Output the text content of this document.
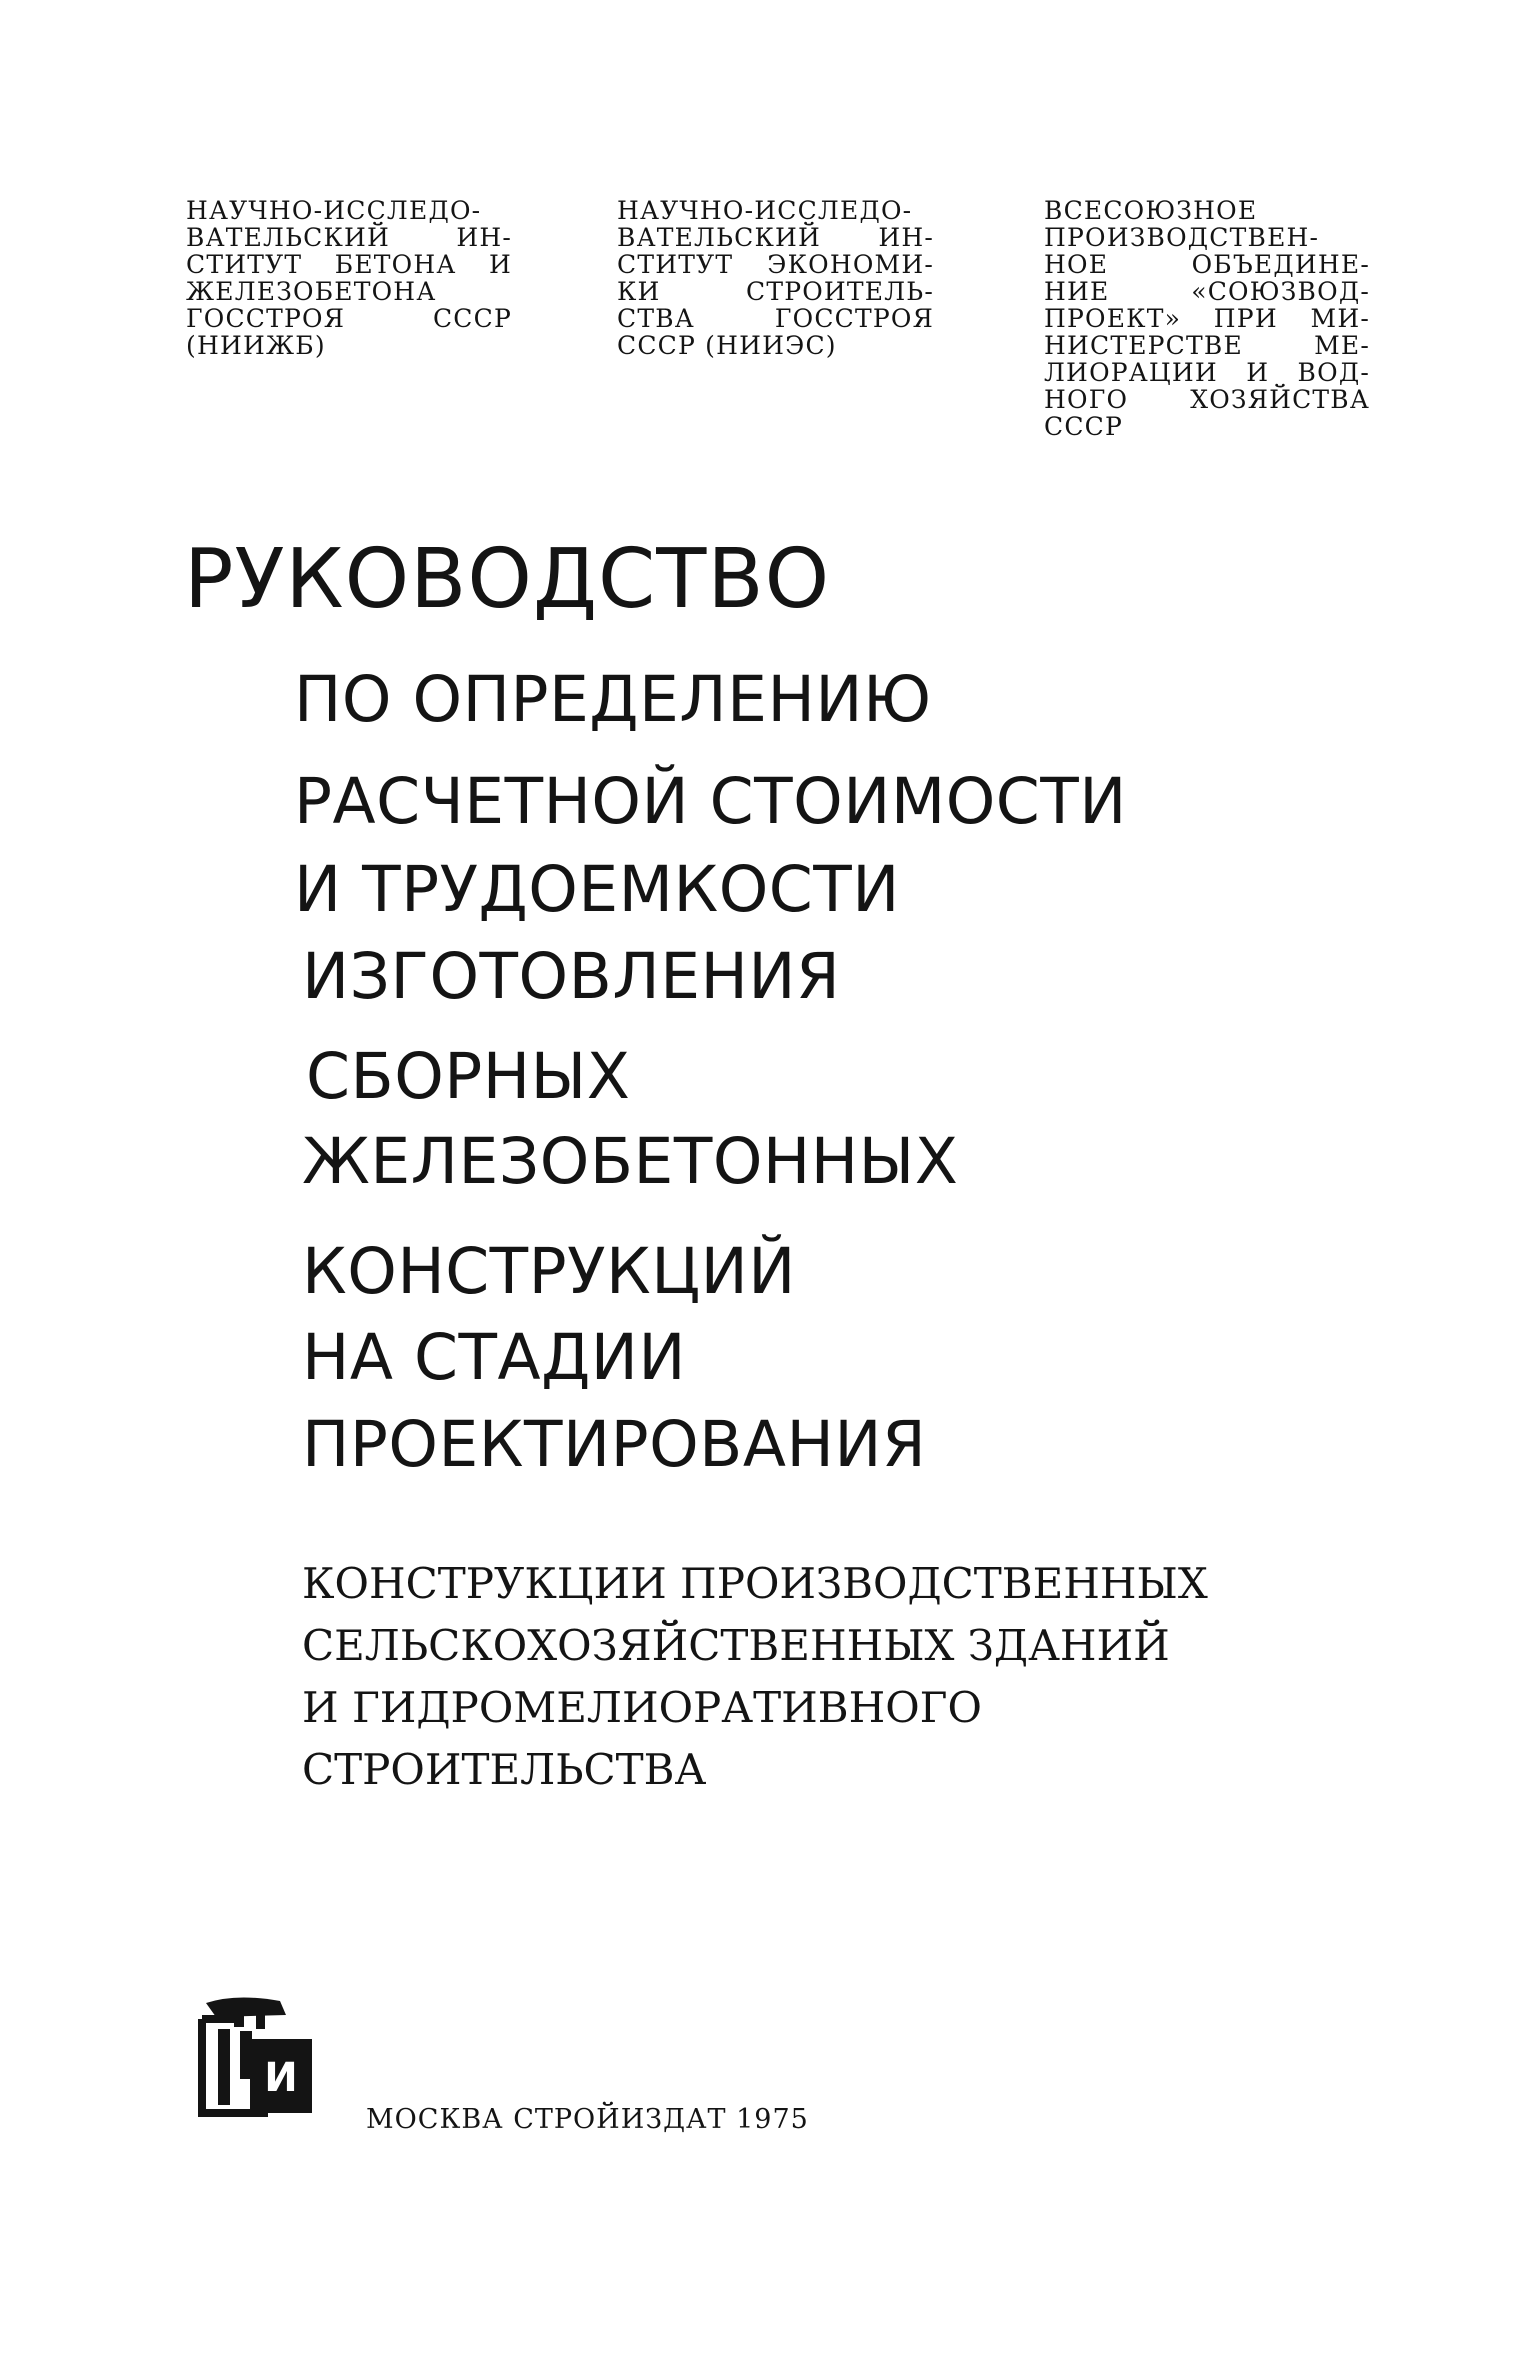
НАУЧНО-ИССЛЕДО-
ВАТЕЛЬСКИЙ ИН-
СТИТУТ БЕТОНА И
ЖЕЛЕЗОБЕТОНА
ГОССТРОЯ СССР
(НИИЖБ)
НАУЧНО-ИССЛЕДО-
ВАТЕЛЬСКИЙ ИН-
СТИТУТ ЭКОНОМИ-
КИ СТРОИТЕЛЬ-
СТВА ГОССТРОЯ
СССР (НИИЭС)
ВСЕСОЮЗНОЕ
ПРОИЗВОДСТВЕН-
НОЕ ОБЪЕДИНЕ-
НИЕ «СОЮЗВОД-
ПРОЕКТ» ПРИ МИ-
НИСТЕРСТВЕ МЕ-
ЛИОРАЦИИ И ВОД-
НОГО ХОЗЯЙСТВА
СССР
РУКОВОДСТВО
ПО ОПРЕДЕЛЕНИЮ
РАСЧЕТНОЙ СТОИМОСТИ
И ТРУДОЕМКОСТИ
ИЗГОТОВЛЕНИЯ
СБОРНЫХ
ЖЕЛЕЗОБЕТОННЫХ
КОНСТРУКЦИЙ
НА СТАДИИ
ПРОЕКТИРОВАНИЯ
КОНСТРУКЦИИ ПРОИЗВОДСТВЕННЫХ
СЕЛЬСКОХОЗЯЙСТВЕННЫХ ЗДАНИЙ
И ГИДРОМЕЛИОРАТИВНОГО
СТРОИТЕЛЬСТВА
И
МОСКВА СТРОЙИЗДАТ 1975
